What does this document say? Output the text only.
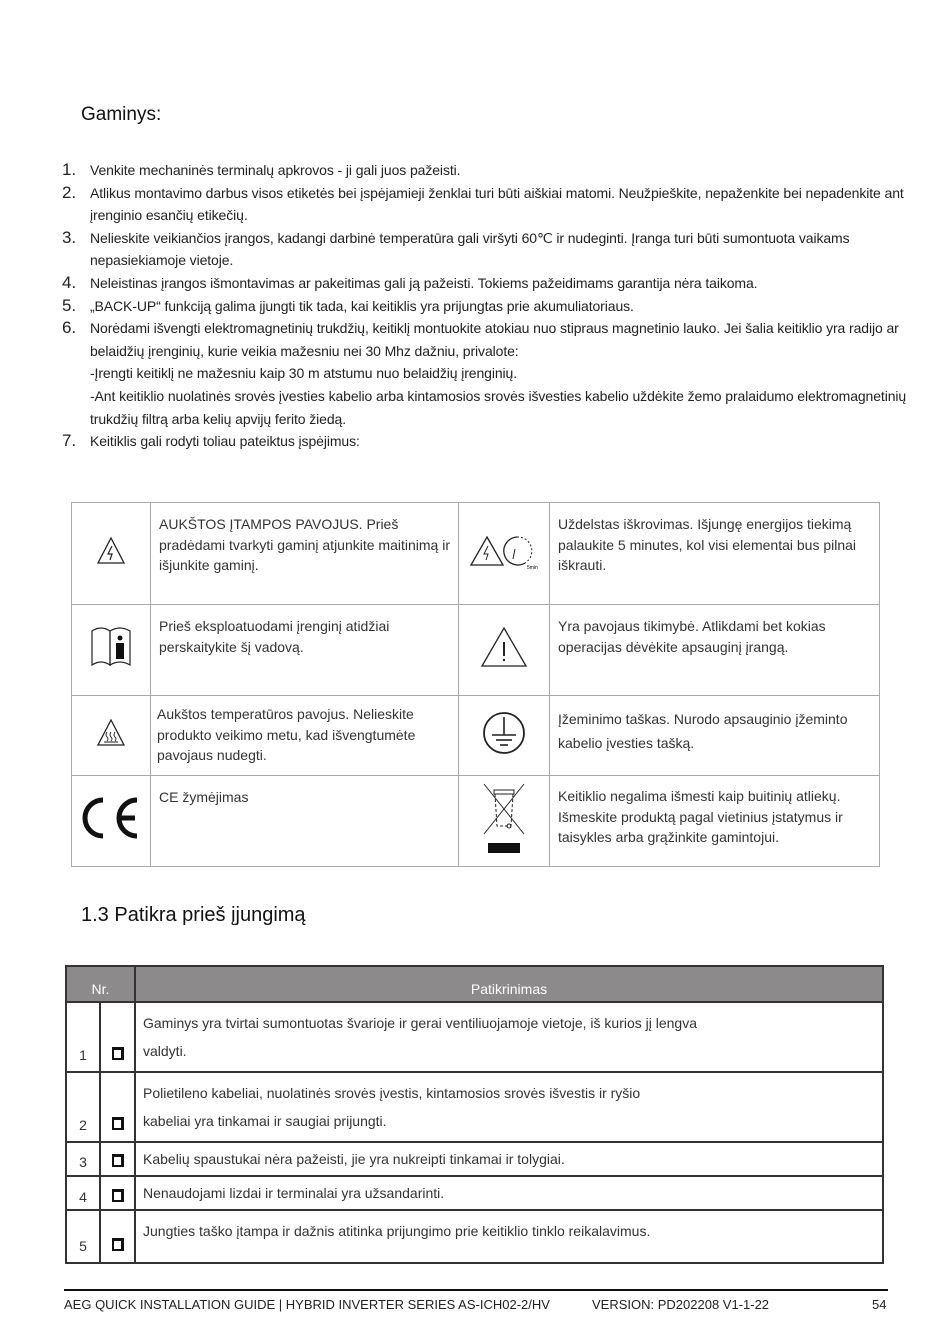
Gaminys:
1.	Venkite mechaninės terminalų apkrovos - ji gali juos pažeisti.
2.	Atlikus montavimo darbus visos etiketės bei įspėjamieji ženklai turi būti aiškiai matomi. Neužpieškite, nepaženkite bei nepadenkite ant įrenginio esančių etikečių.
3.	Nelieskite veikiančios įrangos, kadangi darbinė temperatūra gali viršyti 60℃ ir nudeginti. Įranga turi būti sumontuota vaikams nepasiekiamoje vietoje.
4.	Neleistinas įrangos išmontavimas ar pakeitimas gali ją pažeisti. Tokiems pažeidimams garantija nėra taikoma.
5.	„BACK-UP“ funkciją galima įjungti tik tada, kai keitiklis yra prijungtas prie akumuliatoriaus.
6.	Norėdami išvengti elektromagnetinių trukdžių, keitiklį montuokite atokiau nuo stipraus magnetinio lauko. Jei šalia keitiklio yra radijo ar belaidžių įrenginių, kurie veikia mažesniu nei 30 Mhz dažniu, privalote:
-Įrengti keitiklį ne mažesniu kaip 30 m atstumu nuo belaidžių įrenginių.
-Ant keitiklio nuolatinės srovės įvesties kabelio arba kintamosios srovės išvesties kabelio uždėkite žemo pralaidumo elektromagnetinių trukdžių filtrą arba kelių apvijų ferito žiedą.
7.	Keitiklis gali rodyti toliau pateiktus įspėjimus:
	AUKŠTOS ĮTAMPOS PAVOJUS. Prieš pradėdami tvarkyti gaminį atjunkite maitinimą ir išjunkite gaminį.	5min	Uždelstas iškrovimas. Išjungę energijos tiekimą palaukite 5 minutes, kol visi elementai bus pilnai iškrauti.
	Prieš eksploatuodami įrenginį atidžiai perskaitykite šį vadovą.		Yra pavojaus tikimybė. Atlikdami bet kokias operacijas dėvėkite apsauginį įrangą.
	Aukštos temperatūros pavojus. Nelieskite produkto veikimo metu, kad išvengtumėte pavojaus nudegti.		Įžeminimo taškas. Nurodo apsauginio įžeminto kabelio įvesties tašką.
	CE žymėjimas		Keitiklio negalima išmesti kaip buitinių atliekų. Išmeskite produktą pagal vietinius įstatymus ir taisykles arba grąžinkite gamintojui.
1.3 Patikra prieš įjungimą
Nr.		Patikrinimas
1		Gaminys yra tvirtai sumontuotas švarioje ir gerai ventiliuojamoje vietoje, iš kurios jį lengva valdyti.
2		Polietileno kabeliai, nuolatinės srovės įvestis, kintamosios srovės išvestis ir ryšio kabeliai yra tinkamai ir saugiai prijungti.
3		Kabelių spaustukai nėra pažeisti, jie yra nukreipti tinkamai ir tolygiai.
4		Nenaudojami lizdai ir terminalai yra užsandarinti.
5		Jungties taško įtampa ir dažnis atitinka prijungimo prie keitiklio tinklo reikalavimus.
AEG QUICK INSTALLATION GUIDE | HYBRID INVERTER SERIES AS-ICH02-2/HV	VERSION: PD202208 V1-1-22	54
